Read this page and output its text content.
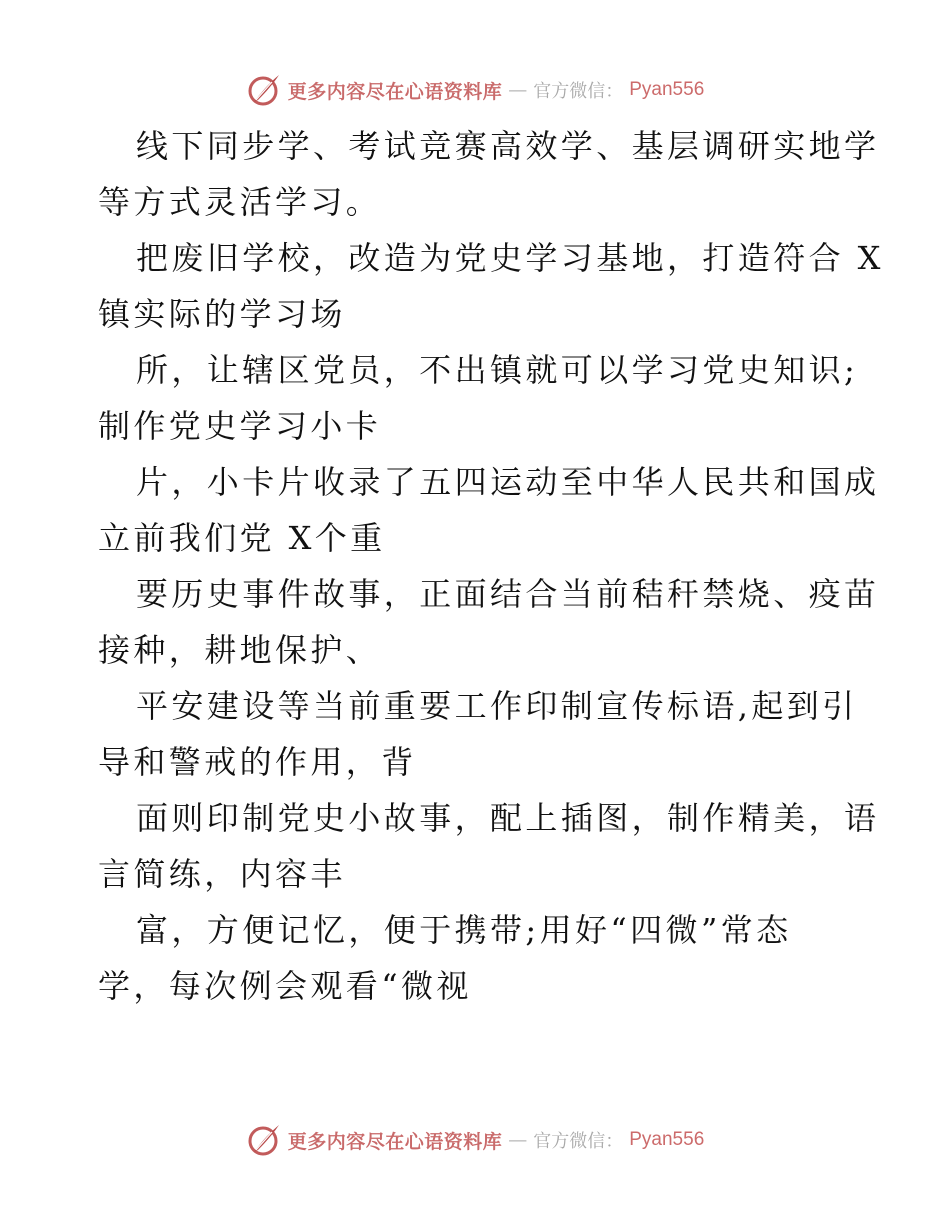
更多内容尽在心语资料库 — 官方微信： Pyan556
线下同步学、考试竞赛高效学、基层调研实地学
等方式灵活学习。
把废旧学校，改造为党史学习基地，打造符合 X
镇实际的学习场
所，让辖区党员，不出镇就可以学习党史知识;
制作党史学习小卡
片，小卡片收录了五四运动至中华人民共和国成
立前我们党 X个重
要历史事件故事，正面结合当前秸秆禁烧、疫苗
接种，耕地保护、
平安建设等当前重要工作印制宣传标语,起到引
导和警戒的作用，背
面则印制党史小故事，配上插图，制作精美，语
言简练，内容丰
富，方便记忆，便于携带;用好“四微”常态
学，每次例会观看“微视
更多内容尽在心语资料库 — 官方微信： Pyan556
